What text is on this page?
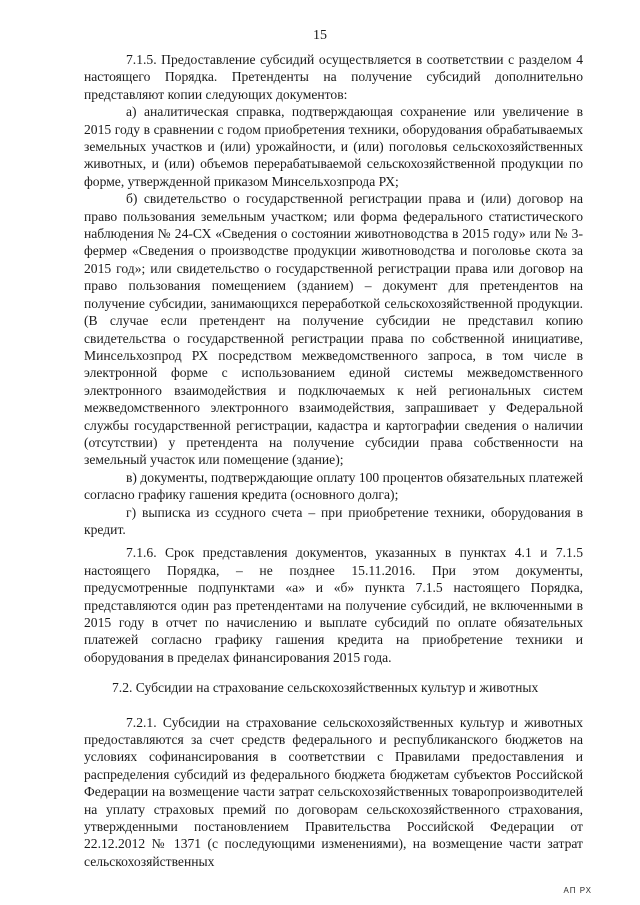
15

7.1.5. Предоставление субсидий осуществляется в соответствии с разделом 4 настоящего Порядка. Претенденты на получение субсидий дополнительно представляют копии следующих документов:

а) аналитическая справка, подтверждающая сохранение или увеличение в 2015 году в сравнении с годом приобретения техники, оборудования обрабатываемых земельных участков и (или) урожайности, и (или) поголовья сельскохозяйственных животных, и (или) объемов перерабатываемой сельскохозяйственной продукции по форме, утвержденной приказом Минсельхозпрода РХ;

б) свидетельство о государственной регистрации права и (или) договор на право пользования земельным участком; или форма федерального статистического наблюдения № 24-СХ «Сведения о состоянии животноводства в 2015 году» или № 3-фермер «Сведения о производстве продукции животноводства и поголовье скота за 2015 год»; или свидетельство о государственной регистрации права или договор на право пользования помещением (зданием) – документ для претендентов на получение субсидии, занимающихся переработкой сельскохозяйственной продукции. (В случае если претендент на получение субсидии не представил копию свидетельства о государственной регистрации права по собственной инициативе, Минсельхозпрод РХ посредством межведомственного запроса, в том числе в электронной форме с использованием единой системы межведомственного электронного взаимодействия и подключаемых к ней региональных систем межведомственного электронного взаимодействия, запрашивает у Федеральной службы государственной регистрации, кадастра и картографии сведения о наличии (отсутствии) у претендента на получение субсидии права собственности на земельный участок или помещение (здание);

в) документы, подтверждающие оплату 100 процентов обязательных платежей согласно графику гашения кредита (основного долга);

г) выписка из ссудного счета – при приобретение техники, оборудования в кредит.

7.1.6. Срок представления документов, указанных в пунктах 4.1 и 7.1.5 настоящего Порядка, – не позднее 15.11.2016. При этом документы, предусмотренные подпунктами «а» и «б» пункта 7.1.5 настоящего Порядка, представляются один раз претендентами на получение субсидий, не включенными в 2015 году в отчет по начислению и выплате субсидий по оплате обязательных платежей согласно графику гашения кредита на приобретение техники и оборудования в пределах финансирования 2015 года.

7.2. Субсидии на страхование сельскохозяйственных культур и животных

7.2.1. Субсидии на страхование сельскохозяйственных культур и животных предоставляются за счет средств федерального и республиканского бюджетов на условиях софинансирования в соответствии с Правилами предоставления и распределения субсидий из федерального бюджета бюджетам субъектов Российской Федерации на возмещение части затрат сельскохозяйственных товаропроизводителей на уплату страховых премий по договорам сельскохозяйственного страхования, утвержденными постановлением Правительства Российской Федерации от 22.12.2012 № 1371 (с последующими изменениями), на возмещение части затрат сельскохозяйственных

АП РХ
